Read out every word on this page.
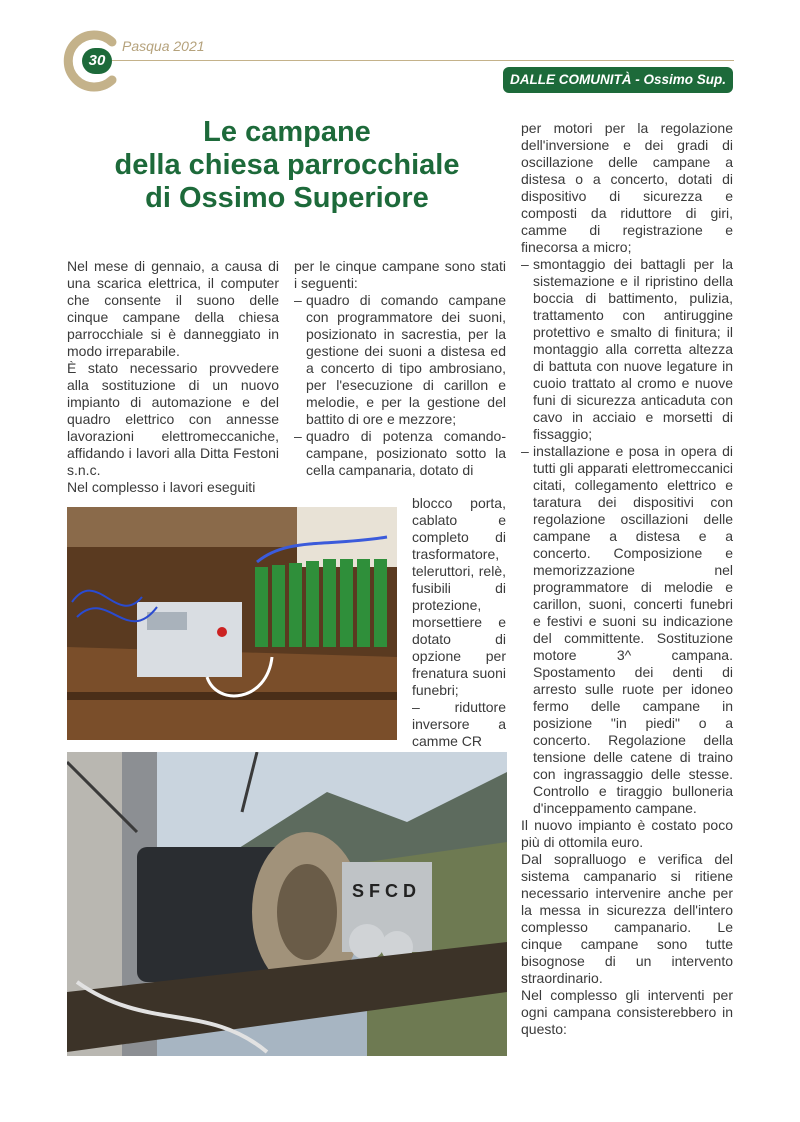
30
Pasqua 2021
DALLE COMUNITÀ - Ossimo Sup.
Le campane
della chiesa parrocchiale
di Ossimo Superiore

Nel mese di gennaio, a causa di una scarica elettrica, il computer che consente il suono delle cinque campane della chiesa parrocchiale si è danneggiato in modo irreparabile.

È stato necessario provvedere alla sostituzione di un nuovo impianto di automazione e del quadro elettrico con annesse lavorazioni elettromeccaniche, affidando i lavori alla Ditta Festoni s.n.c.

Nel complesso i lavori eseguiti

per le cinque campane sono stati i seguenti:

– quadro di comando campane con programmatore dei suoni, posizionato in sacrestia, per la gestione dei suoni a distesa ed a concerto di tipo ambrosiano, per l'esecuzione di carillon e melodie, e per la gestione del battito di ore e mezzore;
– quadro di potenza comando-campane, posizionato sotto la cella campanaria, dotato di

blocco porta, cablato e completo di trasformatore, teleruttori, relè, fusibili di protezione, morsettiere e dotato di opzione per frenatura suoni funebri;

– riduttore inversore a camme CR

per motori per la regolazione dell'inversione e dei gradi di oscillazione delle campane a distesa o a concerto, dotati di dispositivo di sicurezza e composti da riduttore di giri, camme di registrazione e finecorsa a micro;

– smontaggio dei battagli per la sistemazione e il ripristino della boccia di battimento, pulizia, trattamento con antiruggine protettivo e smalto di finitura; il montaggio alla corretta altezza di battuta con nuove legature in cuoio trattato al cromo e nuove funi di sicurezza anticaduta con cavo in acciaio e morsetti di fissaggio;
– installazione e posa in opera di tutti gli apparati elettromeccanici citati, collegamento elettrico e taratura dei dispositivi con regolazione oscillazioni delle campane a distesa e a concerto. Composizione e memorizzazione nel programmatore di melodie e carillon, suoni, concerti funebri e festivi e suoni su indicazione del committente. Sostituzione motore 3^ campana. Spostamento dei denti di arresto sulle ruote per idoneo fermo delle campane in posizione "in piedi" o a concerto. Regolazione della tensione delle catene di traino con ingrassaggio delle stesse. Controllo e tiraggio bulloneria d'inceppamento campane.

Il nuovo impianto è costato poco più di ottomila euro.

Dal sopralluogo e verifica del sistema campanario si ritiene necessario intervenire anche per la messa in sicurezza dell'intero complesso campanario. Le cinque campane sono tutte bisognose di un intervento straordinario.

Nel complesso gli interventi per ogni campana consisterebbero in questo:

S F C D
